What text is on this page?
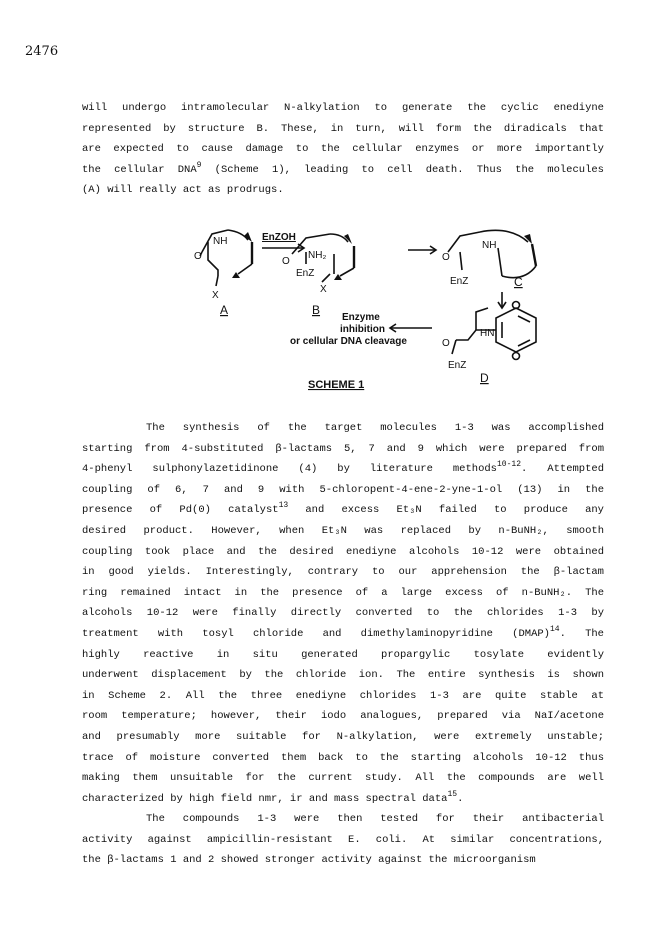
2476
will undergo intramolecular N-alkylation to generate the cyclic enediyne
represented by structure B. These, in turn, will form the diradicals that
are expected to cause damage to the cellular enzymes or more importantly
the cellular DNA$^9$ (Scheme 1), leading to cell death. Thus the molecules
(A) will really act as prodrugs.
NH
O
X
A
EnZOH
NH₂
O
EnZ
X
B
NH
O
EnZ	C
HN
O
EnZ
D
Enzyme
inhibition
or cellular DNA cleavage
SCHEME 1
The synthesis of the target molecules 1-3 was accomplished
starting from 4-substituted β-lactams 5, 7 and 9 which were prepared from
4-phenyl sulphonylazetidinone (4) by literature methods$^{10-12}$. Attempted
coupling of 6, 7 and 9 with 5-chloropent-4-ene-2-yne-1-ol (13) in the
presence of Pd(0) catalyst$^{13}$ and excess Et₃N failed to produce any
desired product. However, when Et₃N was replaced by n-BuNH₂, smooth
coupling took place and the desired enediyne alcohols 10-12 were obtained
in good yields. Interestingly, contrary to our apprehension the β-lactam
ring remained intact in the presence of a large excess of n-BuNH₂. The
alcohols 10-12 were finally directly converted to the chlorides 1-3 by
treatment with tosyl chloride and dimethylaminopyridine (DMAP)$^{14}$. The
highly reactive in situ generated propargylic tosylate evidently
underwent displacement by the chloride ion. The entire synthesis is shown
in Scheme 2. All the three enediyne chlorides 1-3 are quite stable at
room temperature; however, their iodo analogues, prepared via NaI/acetone
and presumably more suitable for N-alkylation, were extremely unstable;
trace of moisture converted them back to the starting alcohols 10-12 thus
making them unsuitable for the current study. All the compounds are well
characterized by high field nmr, ir and mass spectral data$^{15}$.
The compounds 1-3 were then tested for their antibacterial
activity against ampicillin-resistant E. coli. At similar concentrations,
the β-lactams 1 and 2 showed stronger activity against the microorganism
